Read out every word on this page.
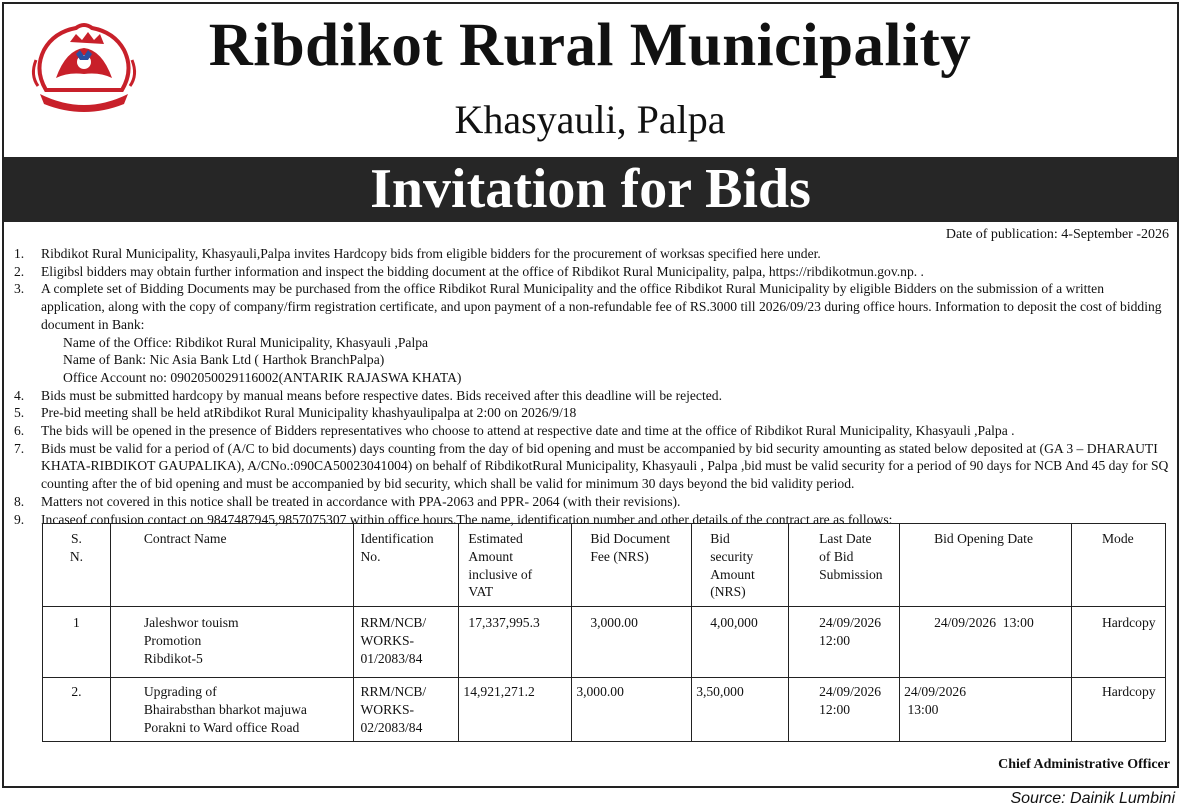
Ribdikot Rural Municipality
Khasyauli, Palpa
Invitation for Bids
Date of publication: 4-September -2026
1.	Ribdikot Rural Municipality, Khasyauli,Palpa invites Hardcopy bids from eligible bidders for the procurement of worksas specified here under.
2.	Eligibsl bidders may obtain further information and inspect the bidding document at the office of Ribdikot Rural Municipality, palpa, https://ribdikotmun.gov.np. .
3.	A complete set of Bidding Documents may be purchased from the office Ribdikot Rural Municipality and the office Ribdikot Rural Municipality by eligible Bidders on the submission of a written application, along with the copy of company/firm registration certificate, and upon payment of a non-refundable fee of RS.3000 till 2026/09/23 during office hours. Information to deposit the cost of bidding document in Bank:
Name of the Office: Ribdikot Rural Municipality, Khasyauli ,Palpa
Name of Bank: Nic Asia Bank Ltd ( Harthok BranchPalpa)
Office Account no: 0902050029116002(ANTARIK RAJASWA KHATA)
4.	Bids must be submitted hardcopy by manual means before respective dates. Bids received after this deadline will be rejected.
5.	Pre-bid meeting shall be held atRibdikot Rural Municipality khashyaulipalpa at 2:00 on 2026/9/18
6.	The bids will be opened in the presence of Bidders representatives who choose to attend at respective date and time at the office of Ribdikot Rural Municipality, Khasyauli ,Palpa .
7.	Bids must be valid for a period of (A/C to bid documents) days counting from the day of bid opening and must be accompanied by bid security amounting as stated below deposited at (GA 3 – DHARAUTI KHATA-RIBDIKOT GAUPALIKA), A/CNo.:090CA50023041004) on behalf of RibdikotRural Municipality, Khasyauli , Palpa ,bid must be valid security for a period of 90 days for NCB And 45 day for SQ counting after the of bid opening and must be accompanied by bid security, which shall be valid for minimum 30 days beyond the bid validity period.
8.	Matters not covered in this notice shall be treated in accordance with PPA-2063 and PPR- 2064 (with their revisions).
9.	Incaseof confusion contact on 9847487945,9857075307 within office hours.The name, identification number and other details of the contract are as follows:
S.
N.	Contract Name	Identification
No.	Estimated
Amount
inclusive of
VAT	Bid Document
Fee (NRS)	Bid
security
Amount
(NRS)	Last Date
of Bid
Submission	Bid Opening Date	Mode
1	Jaleshwor touism
Promotion
Ribdikot-5	RRM/NCB/
WORKS-
01/2083/84	17,337,995.3	3,000.00	4,00,000	24/09/2026
12:00	24/09/2026  13:00	Hardcopy
2.	Upgrading of
Bhairabsthan bharkot majuwa
Porakni to Ward office Road	RRM/NCB/
WORKS-
02/2083/84	14,921,271.2	3,000.00	3,50,000	24/09/2026
12:00	24/09/2026
13:00	Hardcopy
Chief Administrative Officer
Source: Dainik Lumbini
